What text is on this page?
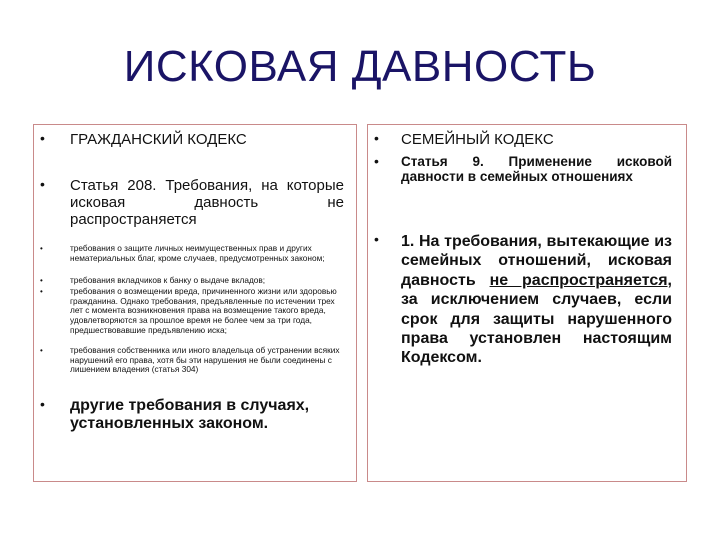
ИСКОВАЯ ДАВНОСТЬ
•	ГРАЖДАНСКИЙ КОДЕКС
•	Статья 208. Требования, на которые исковая давность не распространяется
•	требования о защите личных неимущественных прав и других нематериальных благ, кроме случаев, предусмотренных законом;
•	требования вкладчиков к банку о выдаче вкладов;
•	требования о возмещении вреда, причиненного жизни или здоровью гражданина. Однако требования, предъявленные по истечении трех лет с момента возникновения права на возмещение такого вреда, удовлетворяются за прошлое время не более чем за три года, предшествовавшие предъявлению иска;
•	требования собственника или иного владельца об устранении всяких нарушений его права, хотя бы эти нарушения не были соединены с лишением владения (статья 304)
•	другие требования в случаях, установленных законом.
•	СЕМЕЙНЫЙ КОДЕКС
•	Статья 9. Применение исковой давности в семейных отношениях
•	1. На требования, вытекающие из семейных отношений, исковая давность не распространяется, за исключением случаев, если срок для защиты нарушенного права установлен настоящим Кодексом.
